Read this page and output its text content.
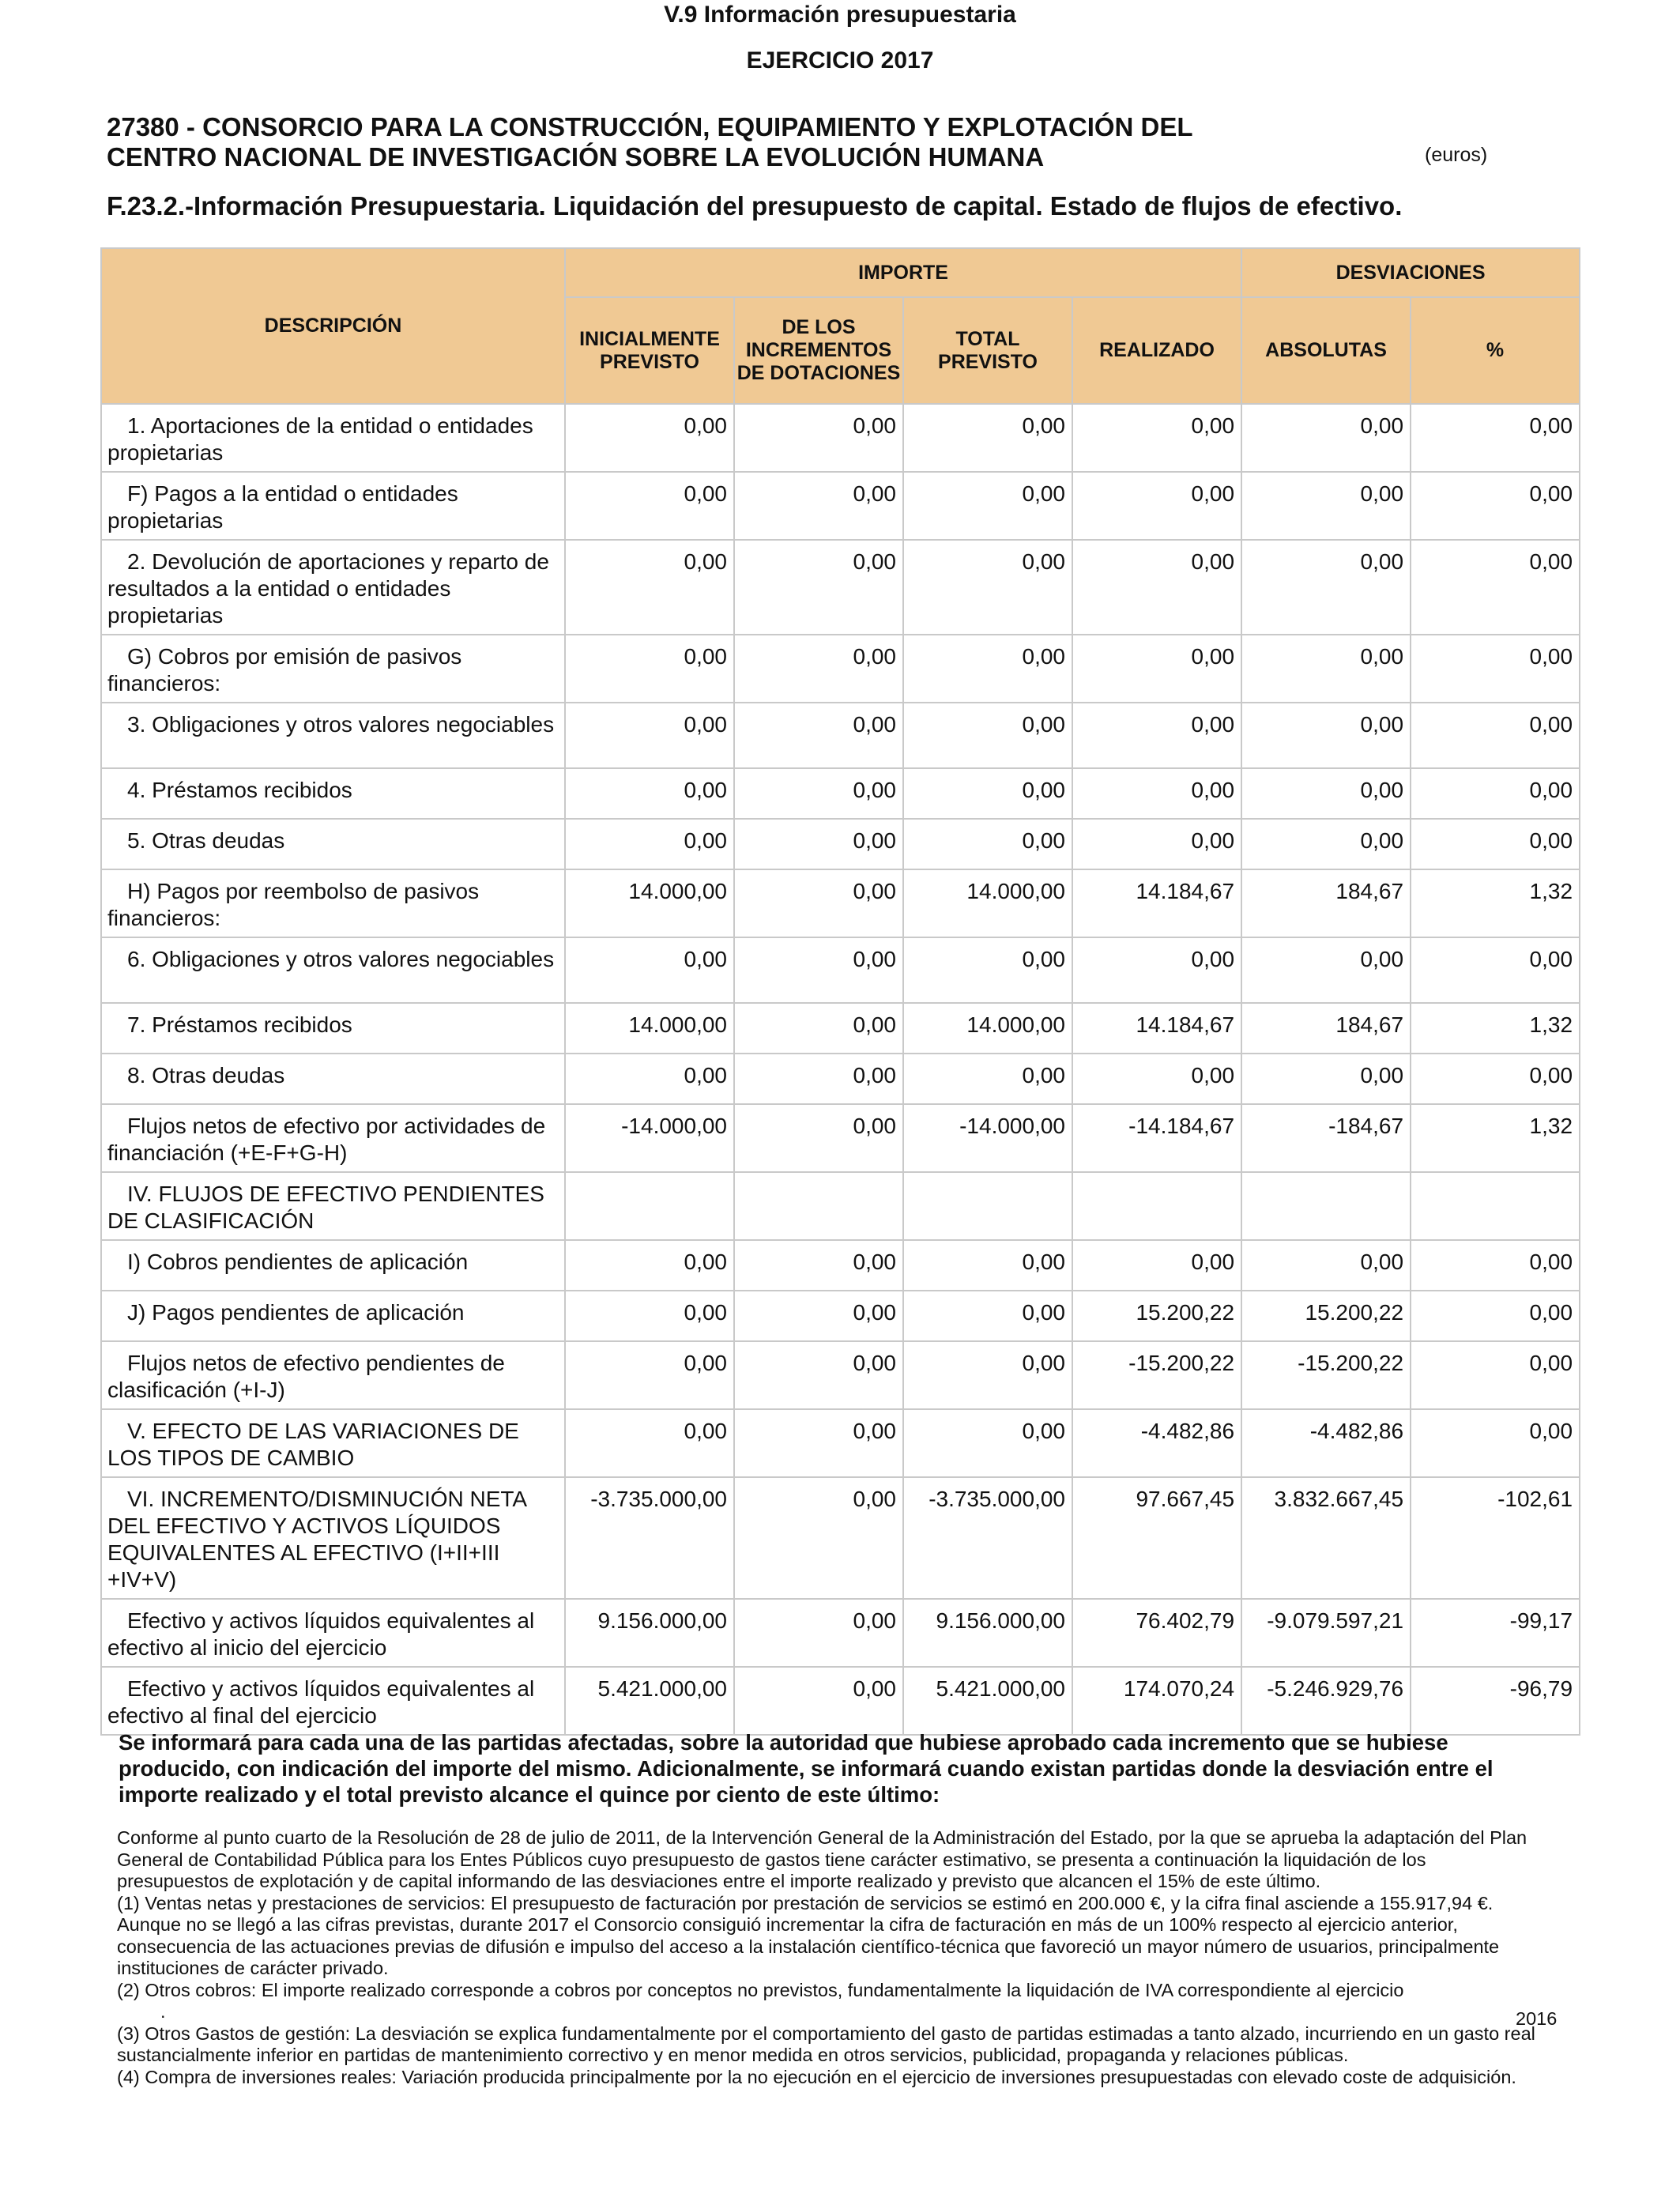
V.9 Información presupuestaria
EJERCICIO 2017
27380 - CONSORCIO PARA LA CONSTRUCCIÓN, EQUIPAMIENTO Y EXPLOTACIÓN DEL
CENTRO NACIONAL DE INVESTIGACIÓN SOBRE LA EVOLUCIÓN HUMANA	(euros)
F.23.2.-Información Presupuestaria. Liquidación del presupuesto de capital. Estado de flujos de efectivo.
DESCRIPCIÓN	IMPORTE				DESVIACIONES	
	INICIALMENTE PREVISTO	DE LOS INCREMENTOS DE DOTACIONES	TOTAL PREVISTO	REALIZADO	ABSOLUTAS	%
1. Aportaciones de la entidad o entidades propietarias	0,00	0,00	0,00	0,00	0,00	0,00
F) Pagos a la entidad o entidades propietarias	0,00	0,00	0,00	0,00	0,00	0,00
2. Devolución de aportaciones y reparto de resultados a la entidad o entidades propietarias	0,00	0,00	0,00	0,00	0,00	0,00
G) Cobros por emisión de pasivos financieros:	0,00	0,00	0,00	0,00	0,00	0,00
3. Obligaciones y otros valores negociables	0,00	0,00	0,00	0,00	0,00	0,00
4. Préstamos recibidos	0,00	0,00	0,00	0,00	0,00	0,00
5. Otras deudas	0,00	0,00	0,00	0,00	0,00	0,00
H) Pagos por reembolso de pasivos financieros:	14.000,00	0,00	14.000,00	14.184,67	184,67	1,32
6. Obligaciones y otros valores negociables	0,00	0,00	0,00	0,00	0,00	0,00
7. Préstamos recibidos	14.000,00	0,00	14.000,00	14.184,67	184,67	1,32
8. Otras deudas	0,00	0,00	0,00	0,00	0,00	0,00
Flujos netos de efectivo por actividades de financiación (+E-F+G-H)	-14.000,00	0,00	-14.000,00	-14.184,67	-184,67	1,32
IV. FLUJOS DE EFECTIVO PENDIENTES DE CLASIFICACIÓN						
I) Cobros pendientes de aplicación	0,00	0,00	0,00	0,00	0,00	0,00
J) Pagos pendientes de aplicación	0,00	0,00	0,00	15.200,22	15.200,22	0,00
Flujos netos de efectivo pendientes de clasificación (+I-J)	0,00	0,00	0,00	-15.200,22	-15.200,22	0,00
V. EFECTO DE LAS VARIACIONES DE LOS TIPOS DE CAMBIO	0,00	0,00	0,00	-4.482,86	-4.482,86	0,00
VI. INCREMENTO/DISMINUCIÓN NETA DEL EFECTIVO Y ACTIVOS LÍQUIDOS EQUIVALENTES AL EFECTIVO (I+II+III +IV+V)	-3.735.000,00	0,00	-3.735.000,00	97.667,45	3.832.667,45	-102,61
Efectivo y activos líquidos equivalentes al efectivo al inicio del ejercicio	9.156.000,00	0,00	9.156.000,00	76.402,79	-9.079.597,21	-99,17
Efectivo y activos líquidos equivalentes al efectivo al final del ejercicio	5.421.000,00	0,00	5.421.000,00	174.070,24	-5.246.929,76	-96,79
Se informará para cada una de las partidas afectadas, sobre la autoridad que hubiese aprobado cada incremento que se hubiese producido, con indicación del importe del mismo. Adicionalmente, se informará cuando existan partidas donde la desviación entre el importe realizado y el total previsto alcance el quince por ciento de este último:

Conforme al punto cuarto de la Resolución de 28 de julio de 2011, de la Intervención General de la Administración del Estado, por la que se aprueba la adaptación del Plan General de Contabilidad Pública para los Entes Públicos cuyo presupuesto de gastos tiene carácter estimativo, se presenta a continuación la liquidación de los presupuestos de explotación y de capital informando de las desviaciones entre el importe realizado y previsto que alcancen el 15% de este último.

(1) Ventas netas y prestaciones de servicios: El presupuesto de facturación por prestación de servicios se estimó en 200.000 €, y la cifra final asciende a 155.917,94 €. Aunque no se llegó a las cifras previstas, durante 2017 el Consorcio consiguió incrementar la cifra de facturación en más de un 100% respecto al ejercicio anterior, consecuencia de las actuaciones previas de difusión e impulso del acceso a la instalación científico-técnica que favoreció un mayor número de usuarios, principalmente instituciones de carácter privado.

(2) Otros cobros: El importe realizado corresponde a cobros por conceptos no previstos, fundamentalmente la liquidación de IVA correspondiente al ejercicio

.

(3) Otros Gastos de gestión: La desviación se explica fundamentalmente por el comportamiento del gasto de partidas estimadas a tanto alzado, incurriendo en un gasto real sustancialmente inferior en partidas de mantenimiento correctivo y en menor medida en otros servicios, publicidad, propaganda y relaciones públicas.

(4) Compra de inversiones reales: Variación producida principalmente por la no ejecución en el ejercicio de inversiones presupuestadas con elevado coste de adquisición.

2016
